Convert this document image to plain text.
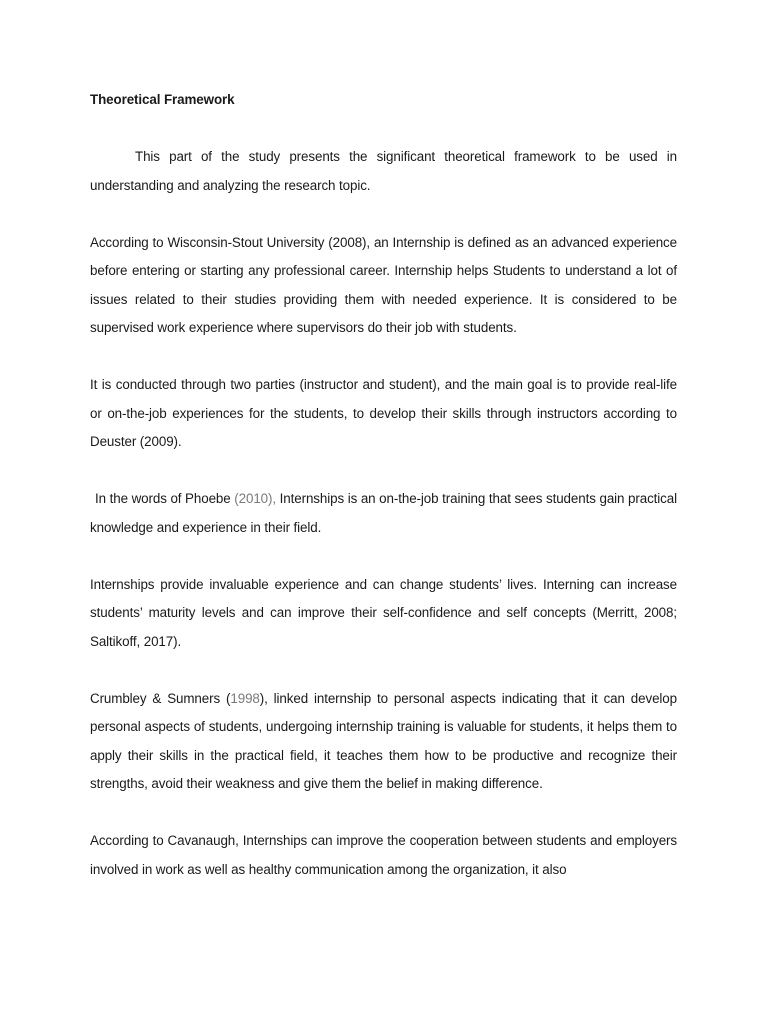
Theoretical Framework

This part of the study presents the significant theoretical framework to be used in understanding and analyzing the research topic.

According to Wisconsin-Stout University (2008), an Internship is defined as an advanced experience before entering or starting any professional career. Internship helps Students to understand a lot of issues related to their studies providing them with needed experience. It is considered to be supervised work experience where supervisors do their job with students.

It is conducted through two parties (instructor and student), and the main goal is to provide real-life or on-the-job experiences for the students, to develop their skills through instructors according to Deuster (2009).

In the words of Phoebe (2010), Internships is an on-the-job training that sees students gain practical knowledge and experience in their field.

Internships provide invaluable experience and can change students’ lives. Interning can increase students’ maturity levels and can improve their self-confidence and self concepts (Merritt, 2008; Saltikoff, 2017).

Crumbley & Sumners (1998), linked internship to personal aspects indicating that it can develop personal aspects of students, undergoing internship training is valuable for students, it helps them to apply their skills in the practical field, it teaches them how to be productive and recognize their strengths, avoid their weakness and give them the belief in making difference.

According to Cavanaugh, Internships can improve the cooperation between students and employers involved in work as well as healthy communication among the organization, it also
